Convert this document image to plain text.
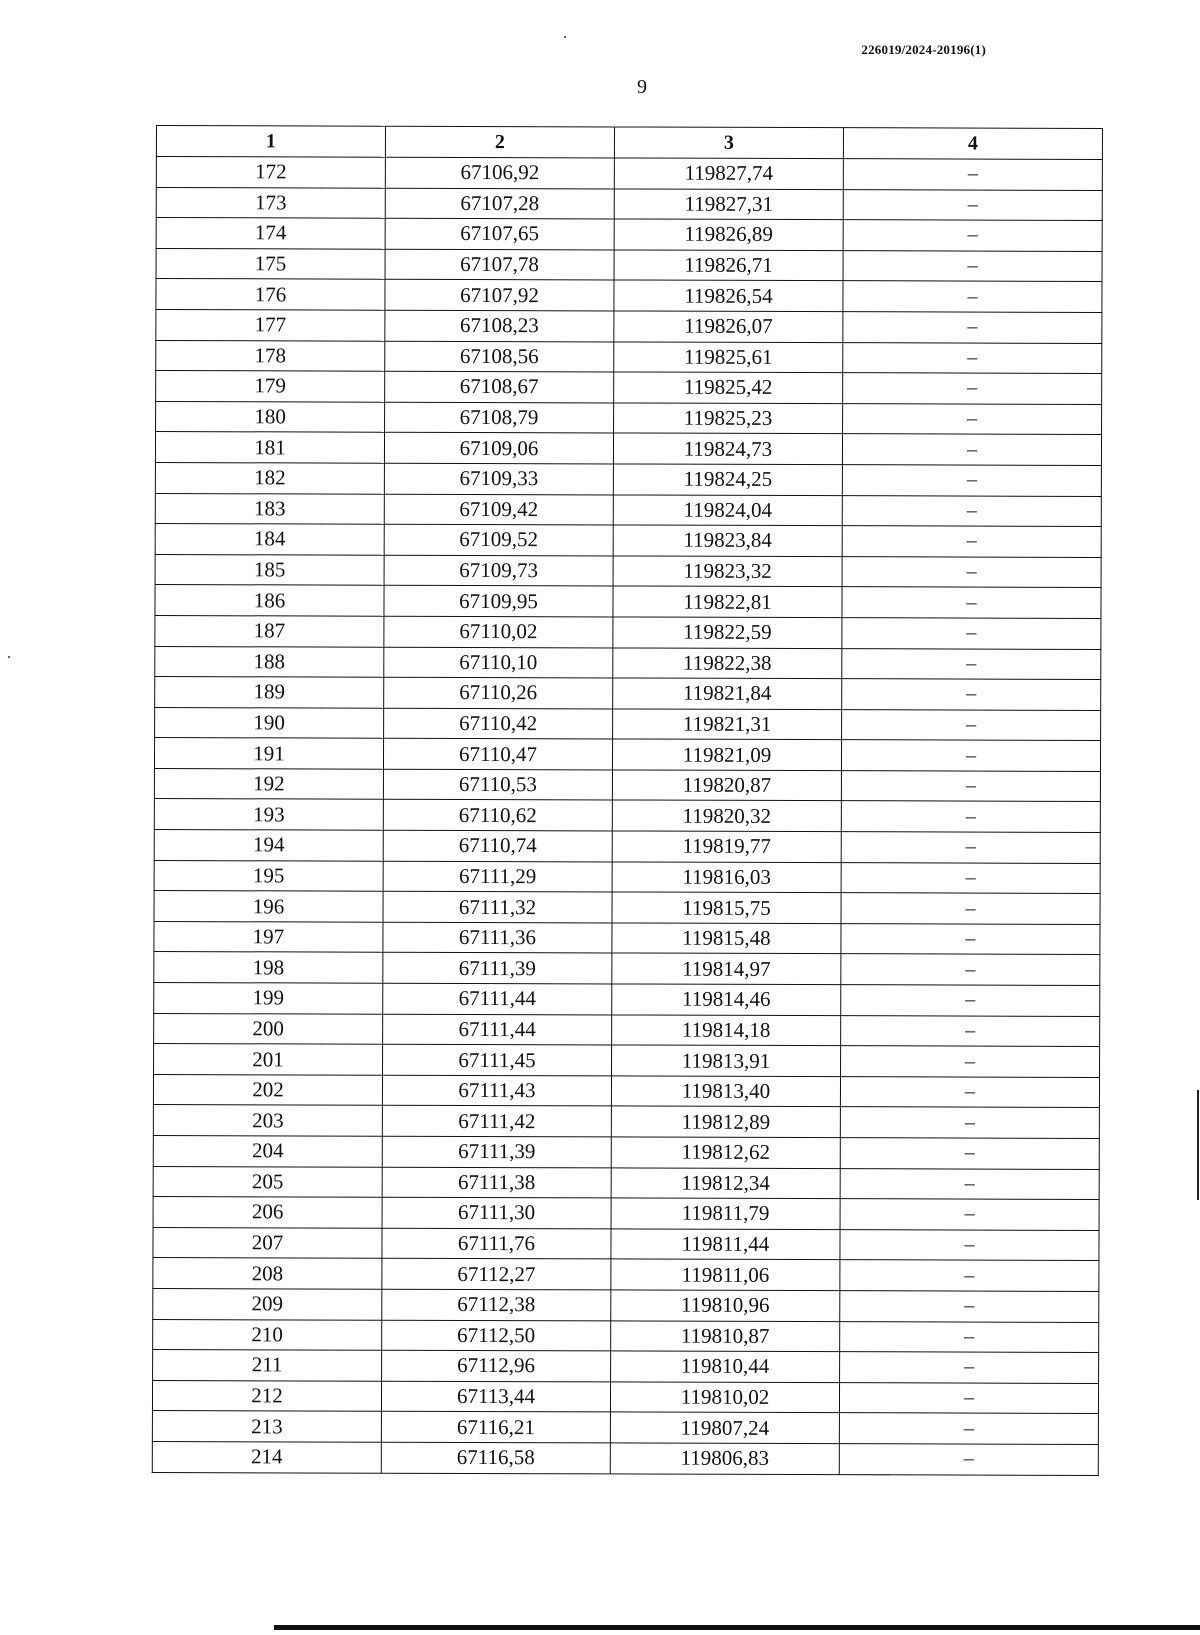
226019/2024-20196(1)
9
1	2	3	4
172	67106,92	119827,74	–
173	67107,28	119827,31	–
174	67107,65	119826,89	–
175	67107,78	119826,71	–
176	67107,92	119826,54	–
177	67108,23	119826,07	–
178	67108,56	119825,61	–
179	67108,67	119825,42	–
180	67108,79	119825,23	–
181	67109,06	119824,73	–
182	67109,33	119824,25	–
183	67109,42	119824,04	–
184	67109,52	119823,84	–
185	67109,73	119823,32	–
186	67109,95	119822,81	–
187	67110,02	119822,59	–
188	67110,10	119822,38	–
189	67110,26	119821,84	–
190	67110,42	119821,31	–
191	67110,47	119821,09	–
192	67110,53	119820,87	–
193	67110,62	119820,32	–
194	67110,74	119819,77	–
195	67111,29	119816,03	–
196	67111,32	119815,75	–
197	67111,36	119815,48	–
198	67111,39	119814,97	–
199	67111,44	119814,46	–
200	67111,44	119814,18	–
201	67111,45	119813,91	–
202	67111,43	119813,40	–
203	67111,42	119812,89	–
204	67111,39	119812,62	–
205	67111,38	119812,34	–
206	67111,30	119811,79	–
207	67111,76	119811,44	–
208	67112,27	119811,06	–
209	67112,38	119810,96	–
210	67112,50	119810,87	–
211	67112,96	119810,44	–
212	67113,44	119810,02	–
213	67116,21	119807,24	–
214	67116,58	119806,83	–
